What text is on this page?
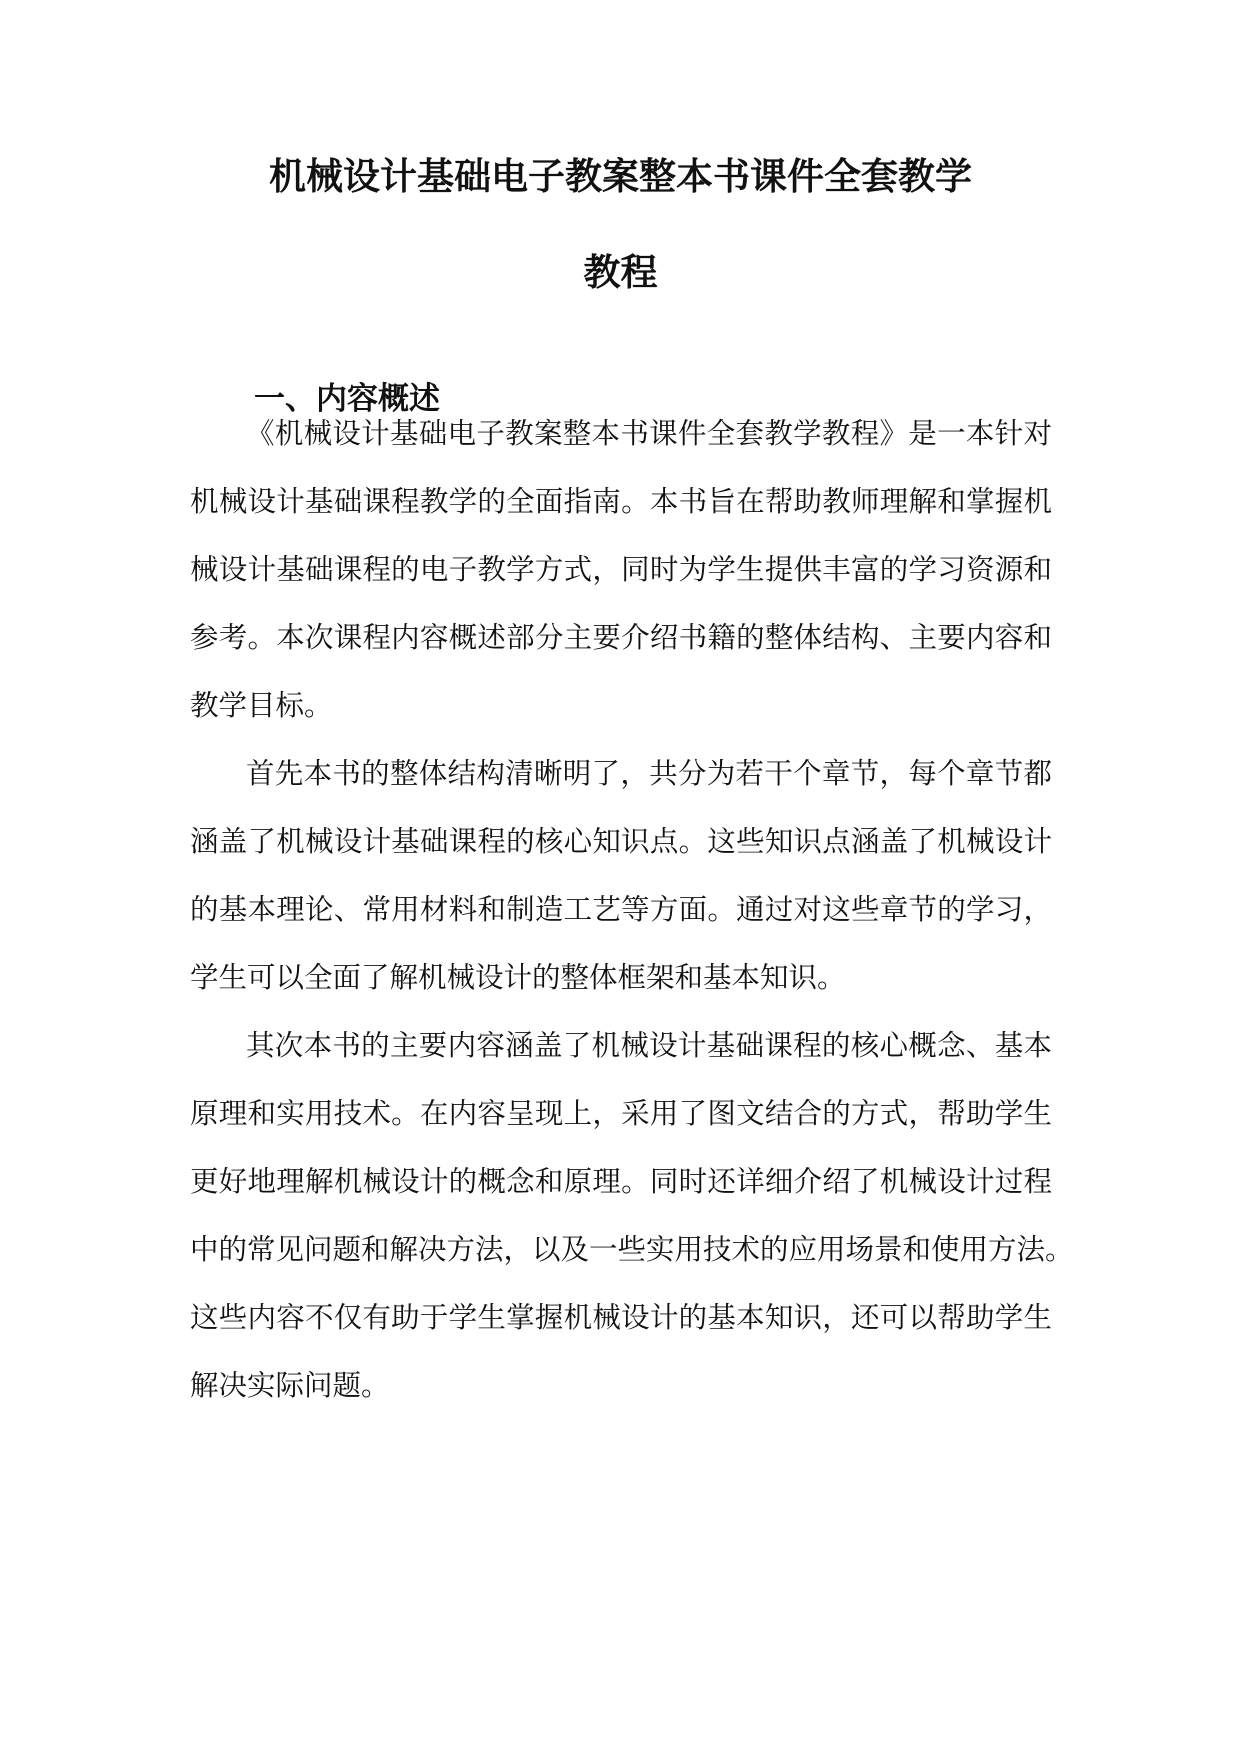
机械设计基础电子教案整本书课件全套教学
教程
一、内容概述
《机械设计基础电子教案整本书课件全套教学教程》是一本针对
机械设计基础课程教学的全面指南。本书旨在帮助教师理解和掌握机
械设计基础课程的电子教学方式，同时为学生提供丰富的学习资源和
参考。本次课程内容概述部分主要介绍书籍的整体结构、主要内容和
教学目标。
首先本书的整体结构清晰明了，共分为若干个章节，每个章节都
涵盖了机械设计基础课程的核心知识点。这些知识点涵盖了机械设计
的基本理论、常用材料和制造工艺等方面。通过对这些章节的学习，
学生可以全面了解机械设计的整体框架和基本知识。
其次本书的主要内容涵盖了机械设计基础课程的核心概念、基本
原理和实用技术。在内容呈现上，采用了图文结合的方式，帮助学生
更好地理解机械设计的概念和原理。同时还详细介绍了机械设计过程
中的常见问题和解决方法，以及一些实用技术的应用场景和使用方法。
这些内容不仅有助于学生掌握机械设计的基本知识，还可以帮助学生
解决实际问题。
